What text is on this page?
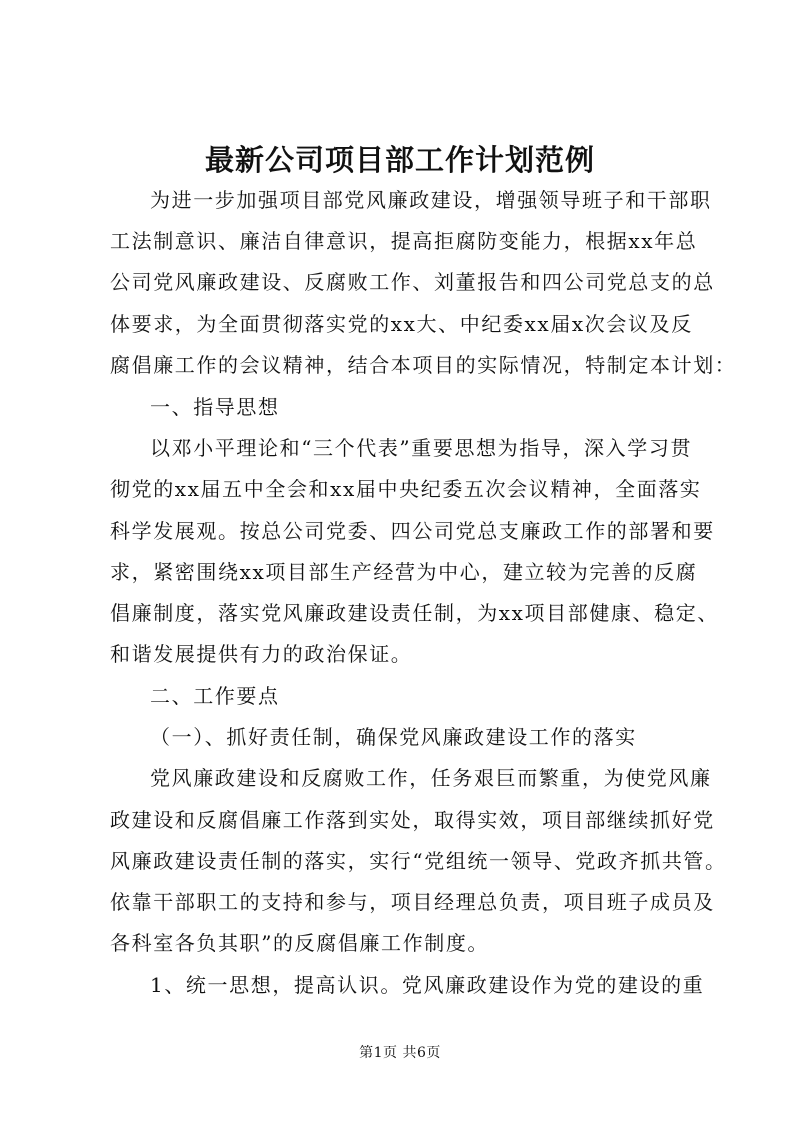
最新公司项目部工作计划范例
为进一步加强项目部党风廉政建设，增强领导班子和干部职
工法制意识、廉洁自律意识，提高拒腐防变能力，根据xx年总
公司党风廉政建设、反腐败工作、刘董报告和四公司党总支的总
体要求，为全面贯彻落实党的xx大、中纪委xx届x次会议及反
腐倡廉工作的会议精神，结合本项目的实际情况，特制定本计划：
一、指导思想
以邓小平理论和“三个代表”重要思想为指导，深入学习贯
彻党的xx届五中全会和xx届中央纪委五次会议精神，全面落实
科学发展观。按总公司党委、四公司党总支廉政工作的部署和要
求，紧密围绕xx项目部生产经营为中心，建立较为完善的反腐
倡廉制度，落实党风廉政建设责任制，为xx项目部健康、稳定、
和谐发展提供有力的政治保证。
二、工作要点
（一）、抓好责任制，确保党风廉政建设工作的落实
党风廉政建设和反腐败工作，任务艰巨而繁重，为使党风廉
政建设和反腐倡廉工作落到实处，取得实效，项目部继续抓好党
风廉政建设责任制的落实，实行“党组统一领导、党政齐抓共管。
依靠干部职工的支持和参与，项目经理总负责，项目班子成员及
各科室各负其职”的反腐倡廉工作制度。
1、统一思想，提高认识。党风廉政建设作为党的建设的重
第1页 共6页
